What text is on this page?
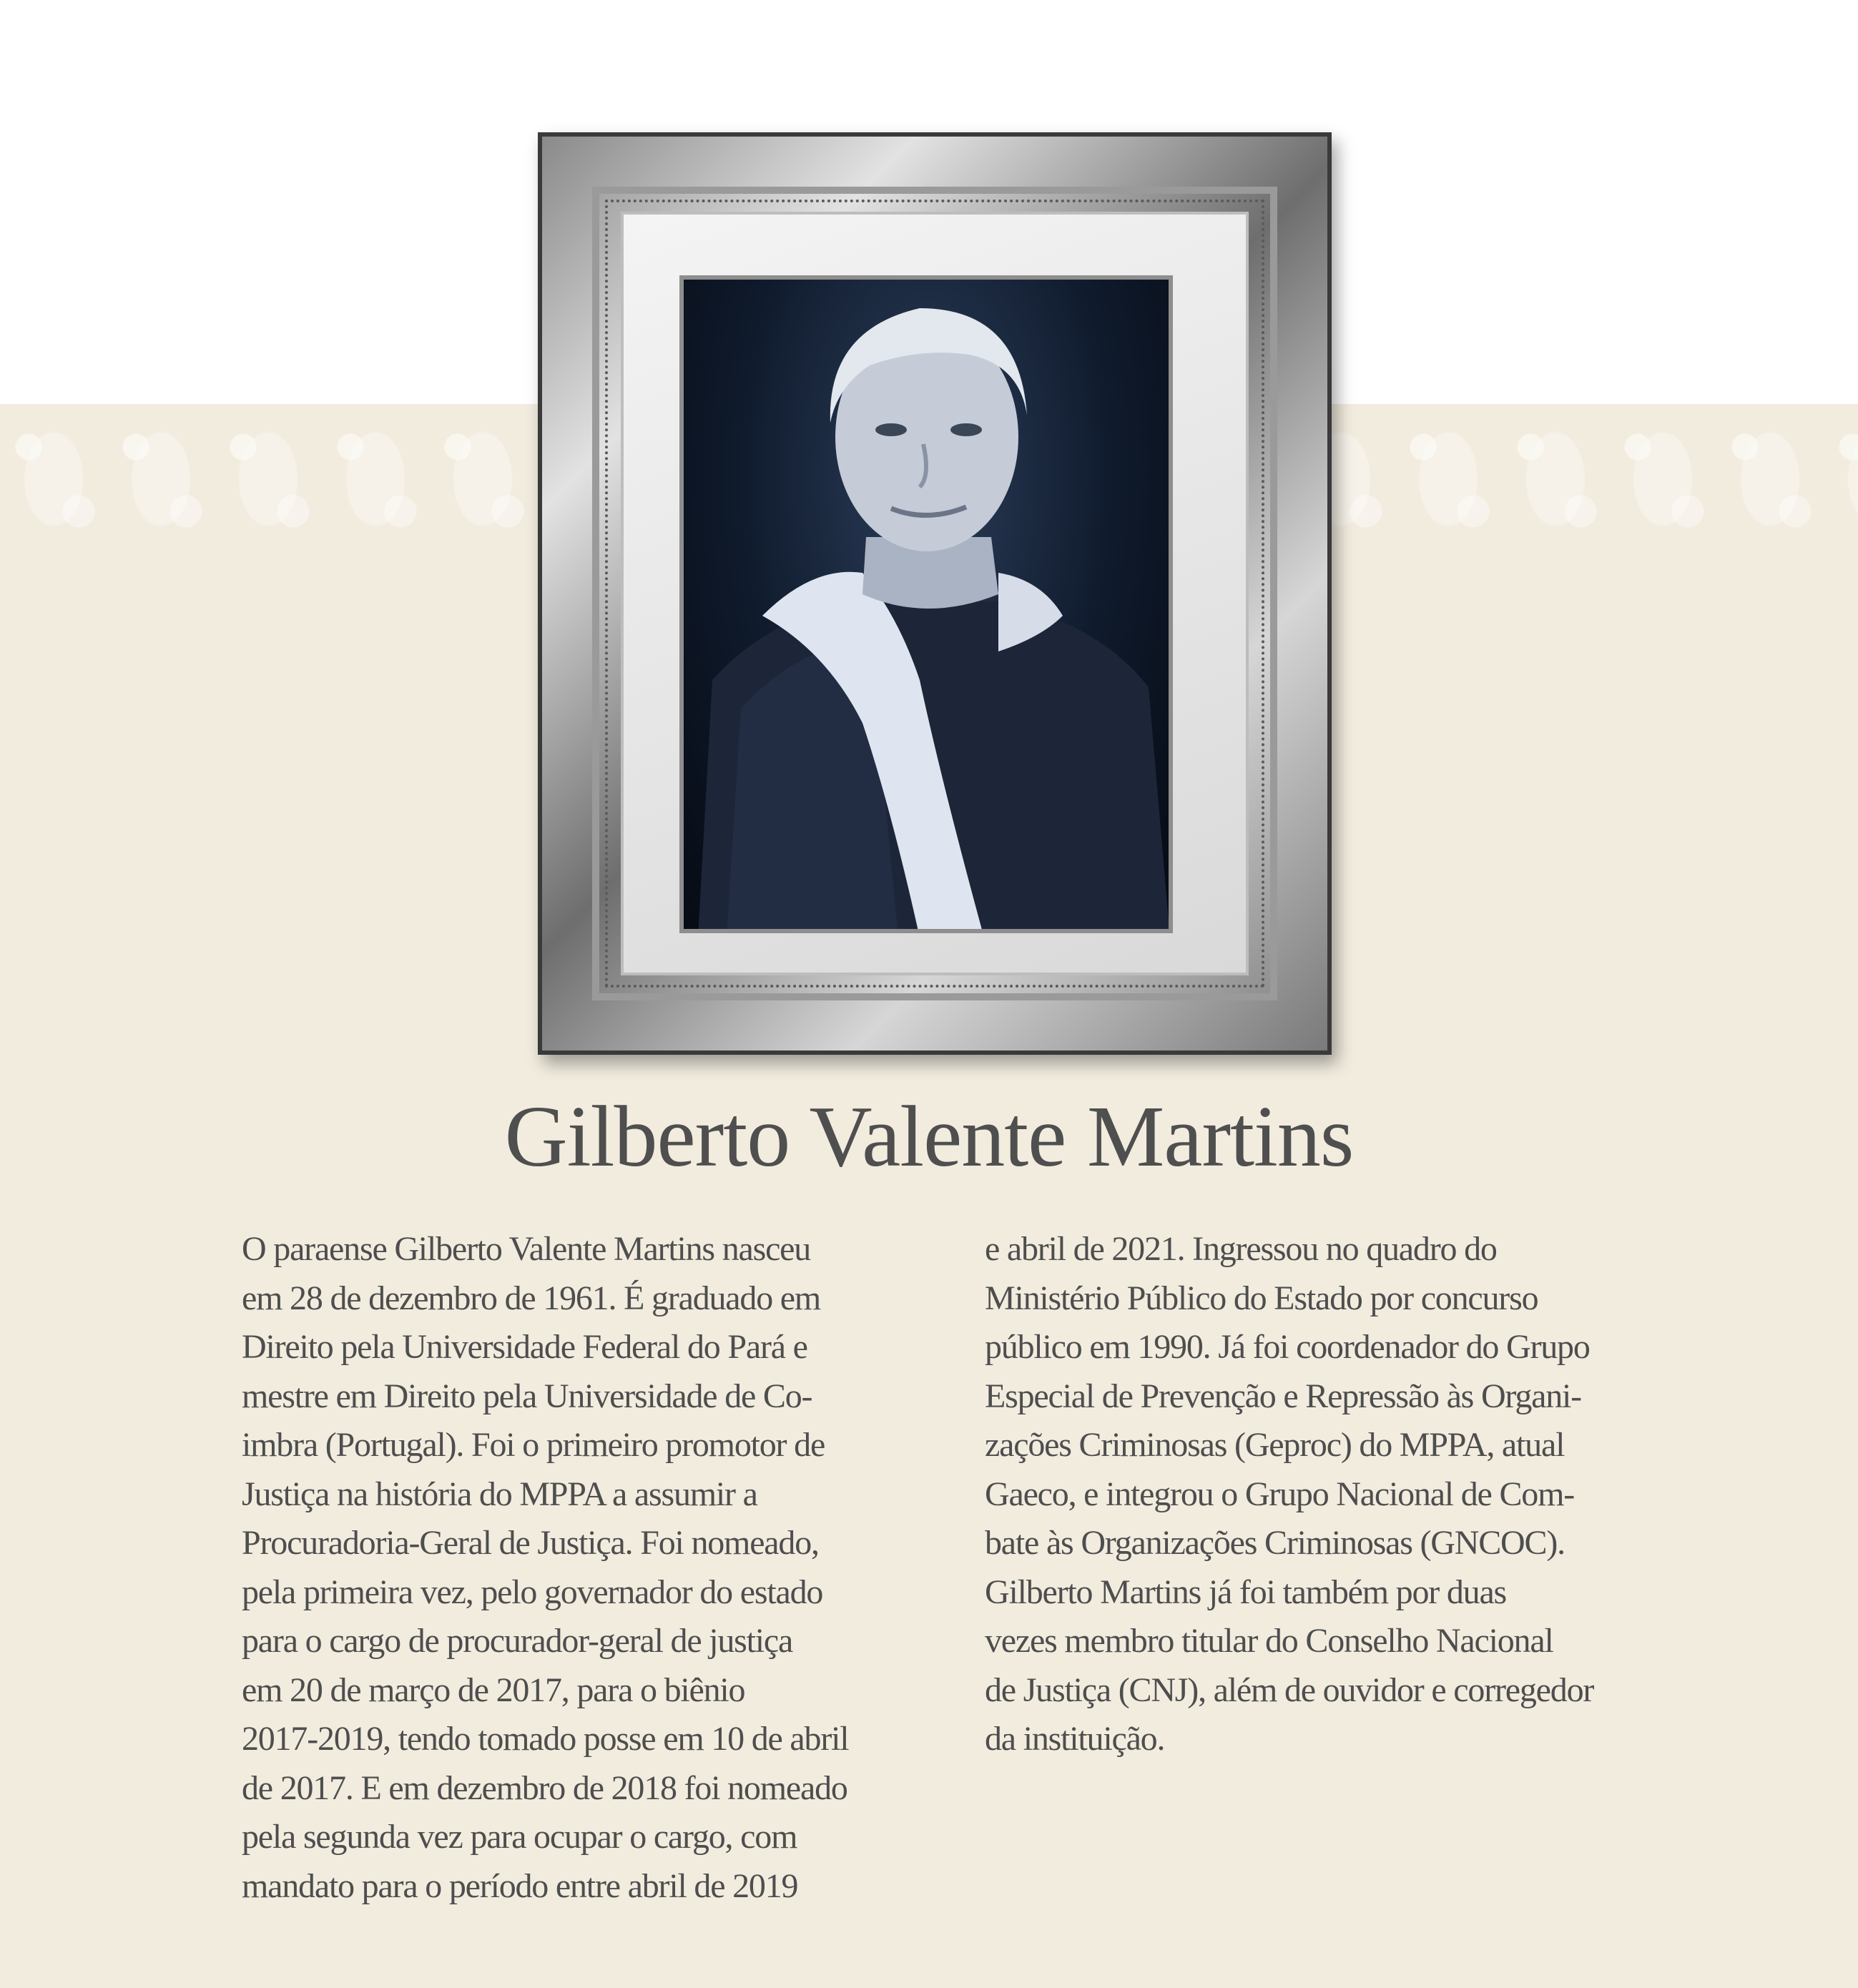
Gilberto Valente Martins
O paraense Gilberto Valente Martins nasceu
em 28 de dezembro de 1961. É graduado em
Direito pela Universidade Federal do Pará e
mestre em Direito pela Universidade de Co-
imbra (Portugal). Foi o primeiro promotor de
Justiça na história do MPPA a assumir a
Procuradoria-Geral de Justiça. Foi nomeado,
pela primeira vez, pelo governador do estado
para o cargo de procurador-geral de justiça
em 20 de março de 2017, para o biênio
2017-2019, tendo tomado posse em 10 de abril
de 2017. E em dezembro de 2018 foi nomeado
pela segunda vez para ocupar o cargo, com
mandato para o período entre abril de 2019
e abril de 2021. Ingressou no quadro do
Ministério Público do Estado por concurso
público em 1990. Já foi coordenador do Grupo
Especial de Prevenção e Repressão às Organi-
zações Criminosas (Geproc) do MPPA, atual
Gaeco, e integrou o Grupo Nacional de Com-
bate às Organizações Criminosas (GNCOC).
Gilberto Martins já foi também por duas
vezes membro titular do Conselho Nacional
de Justiça (CNJ), além de ouvidor e corregedor
da instituição.
